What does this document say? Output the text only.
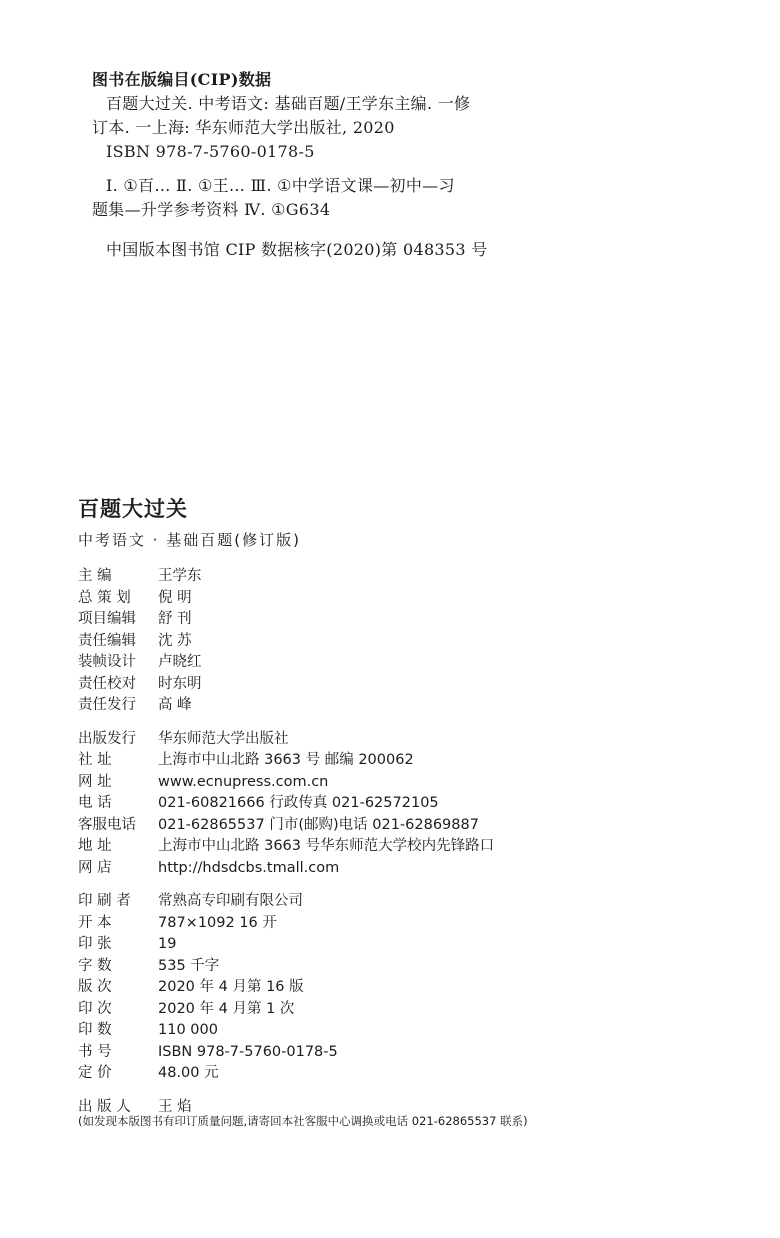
图书在版编目(CIP)数据

百题大过关. 中考语文: 基础百题/王学东主编. 一修

订本. 一上海: 华东师范大学出版社, 2020

ISBN 978-7-5760-0178-5

Ⅰ. ①百… Ⅱ. ①王… Ⅲ. ①中学语文课—初中—习

题集—升学参考资料 Ⅳ. ①G634

中国版本图书馆 CIP 数据核字(2020)第 048353 号

百题大过关

中考语文 · 基础百题(修订版)

主 编	王学东
总 策 划	倪 明
项目编辑	舒 刊
责任编辑	沈 苏
装帧设计	卢晓红
责任校对	时东明
责任发行	高 峰
出版发行	华东师范大学出版社
社 址	上海市中山北路 3663 号 邮编 200062
网 址	www.ecnupress.com.cn
电 话	021-60821666 行政传真 021-62572105
客服电话	021-62865537 门市(邮购)电话 021-62869887
地 址	上海市中山北路 3663 号华东师范大学校内先锋路口
网 店	http://hdsdcbs.tmall.com
印 刷 者	常熟高专印刷有限公司
开 本	787×1092 16 开
印 张	19
字 数	535 千字
版 次	2020 年 4 月第 16 版
印 次	2020 年 4 月第 1 次
印 数	110 000
书 号	ISBN 978-7-5760-0178-5
定 价	48.00 元
出 版 人	王 焰
(如发现本版图书有印订质量问题,请寄回本社客服中心调换或电话 021-62865537 联系)
